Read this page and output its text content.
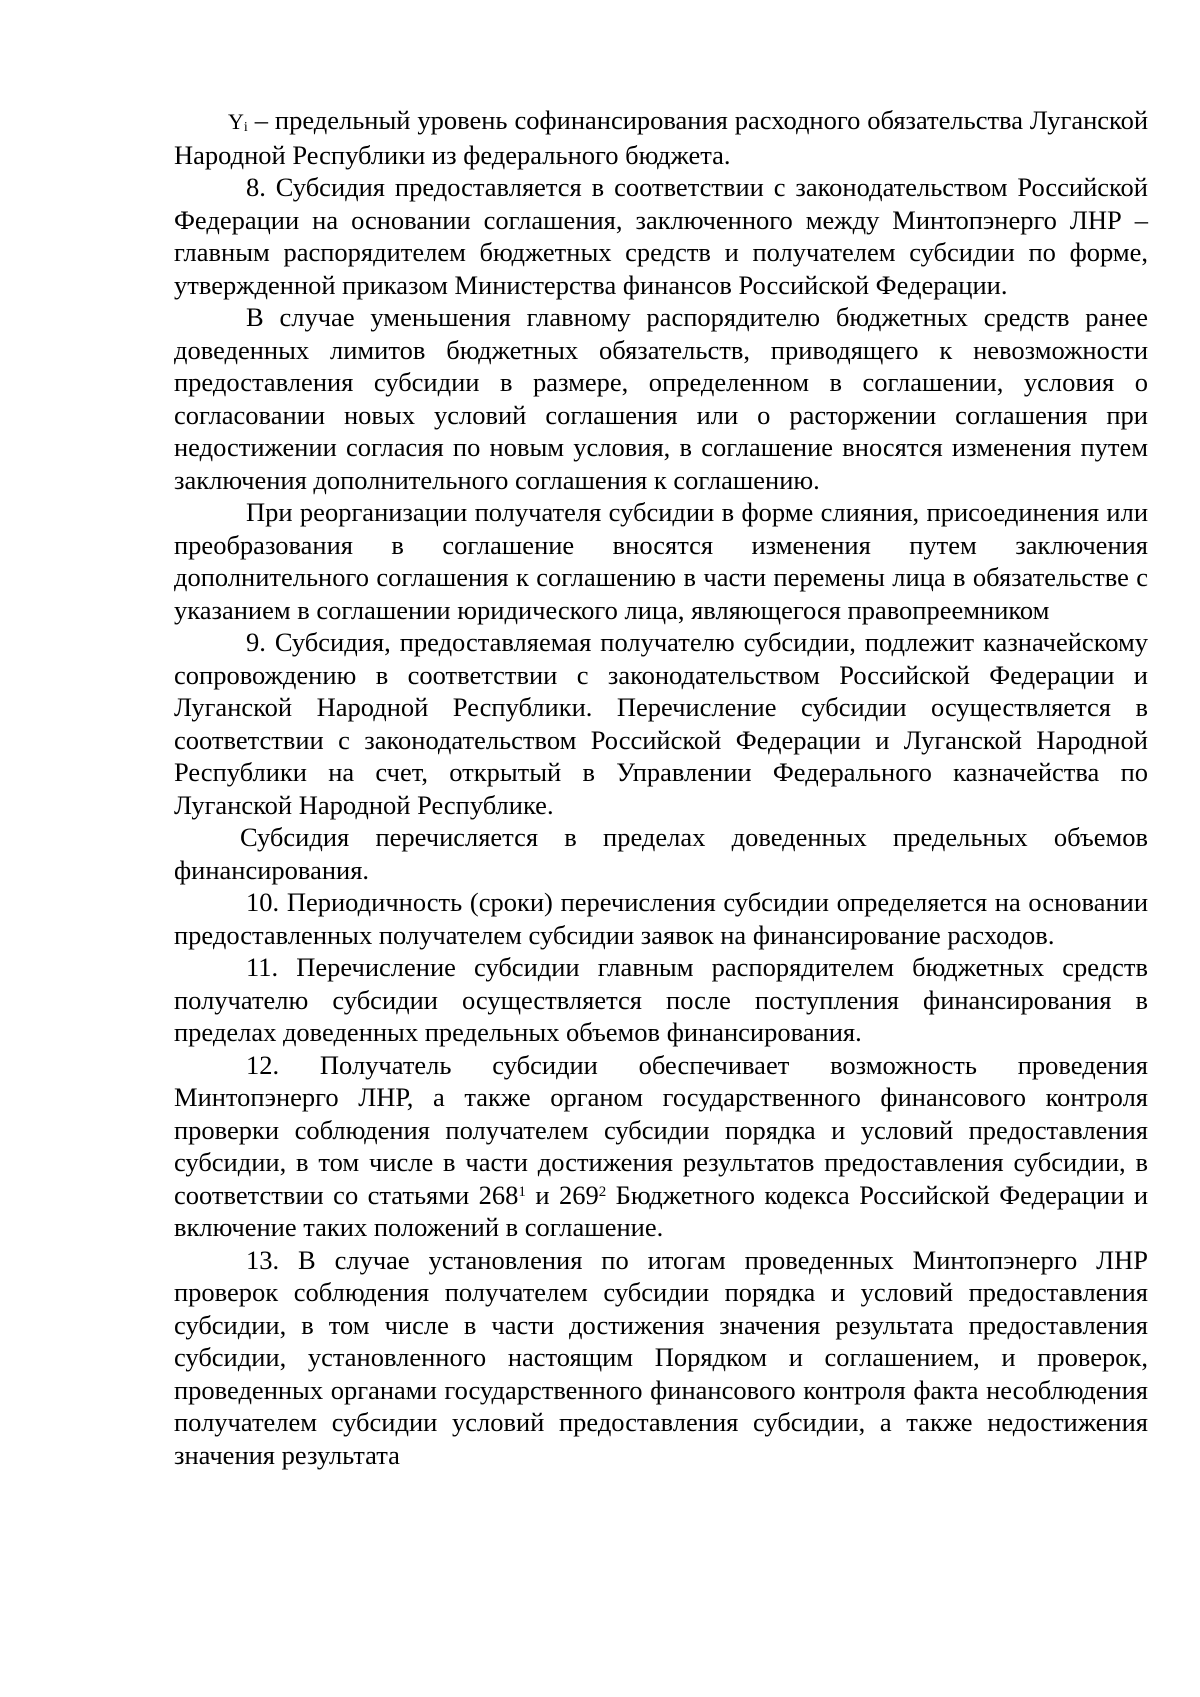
$Y_i$ – предельный уровень софинансирования расходного обязательства Луганской Народной Республики из федерального бюджета.

8. Субсидия предоставляется в соответствии с законодательством Российской Федерации на основании соглашения, заключенного между Минтопэнерго ЛНР – главным распорядителем бюджетных средств и получателем субсидии по форме, утвержденной приказом Министерства финансов Российской Федерации.

В случае уменьшения главному распорядителю бюджетных средств ранее доведенных лимитов бюджетных обязательств, приводящего к невозможности предоставления субсидии в размере, определенном в соглашении, условия о согласовании новых условий соглашения или о расторжении соглашения при недостижении согласия по новым условия, в соглашение вносятся изменения путем заключения дополнительного соглашения к соглашению.

При реорганизации получателя субсидии в форме слияния, присоединения или преобразования в соглашение вносятся изменения путем заключения дополнительного соглашения к соглашению в части перемены лица в обязательстве с указанием в соглашении юридического лица, являющегося правопреемником

9. Субсидия, предоставляемая получателю субсидии, подлежит казначейскому сопровождению в соответствии с законодательством Российской Федерации и Луганской Народной Республики. Перечисление субсидии осуществляется в соответствии с законодательством Российской Федерации и Луганской Народной Республики на счет, открытый в Управлении Федерального казначейства по Луганской Народной Республике.

Субсидия перечисляется в пределах доведенных предельных объемов финансирования.

10. Периодичность (сроки) перечисления субсидии определяется на основании предоставленных получателем субсидии заявок на финансирование расходов.

11. Перечисление субсидии главным распорядителем бюджетных средств получателю субсидии осуществляется после поступления финансирования в пределах доведенных предельных объемов финансирования.

12. Получатель субсидии обеспечивает возможность проведения Минтопэнерго ЛНР, а также органом государственного финансового контроля проверки соблюдения получателем субсидии порядка и условий предоставления субсидии, в том числе в части достижения результатов предоставления субсидии, в соответствии со статьями $268^1$ и $269^2$ Бюджетного кодекса Российской Федерации и включение таких положений в соглашение.

13. В случае установления по итогам проведенных Минтопэнерго ЛНР проверок соблюдения получателем субсидии порядка и условий предоставления субсидии, в том числе в части достижения значения результата предоставления субсидии, установленного настоящим Порядком и соглашением, и проверок, проведенных органами государственного финансового контроля факта несоблюдения получателем субсидии условий предоставления субсидии, а также недостижения значения результата
